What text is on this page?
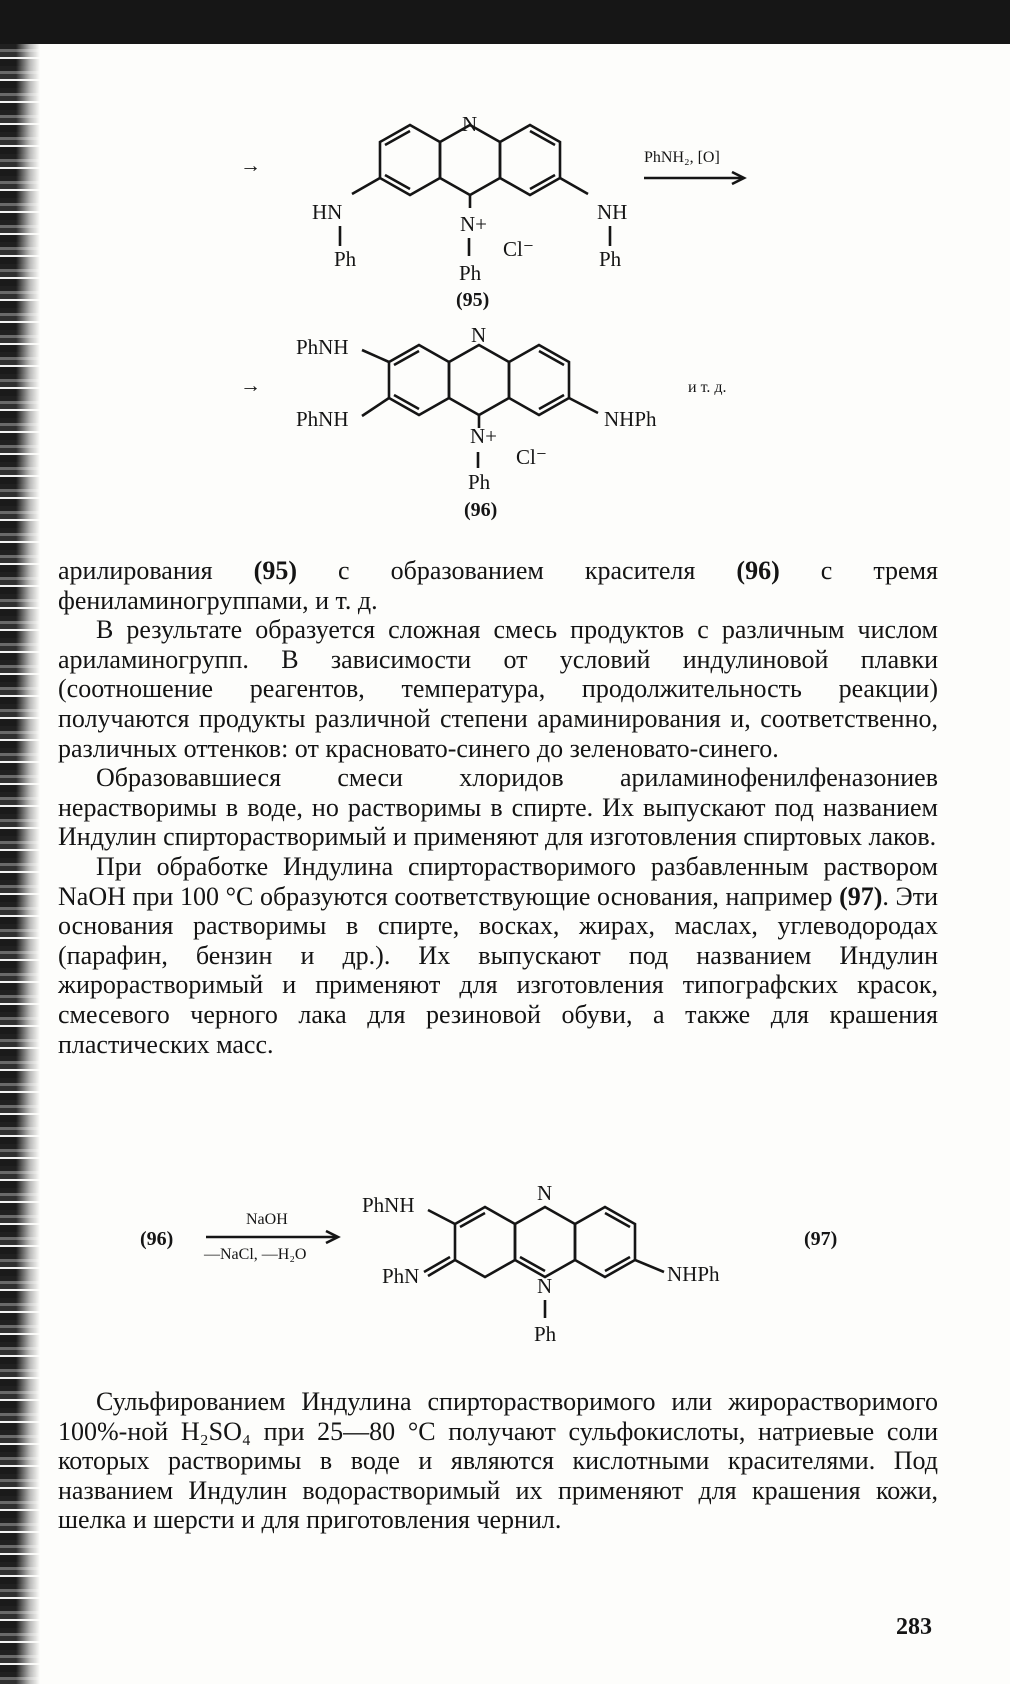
→
N
HN
Ph
N+
Ph
Cl⁻
NH
Ph
(95)
PhNH₂, [O]
→
N
PhNH
PhNH
N+
Ph
Cl⁻
NHPh
и т. д.
(96)

арилирования (95) с образованием красителя (96) с тремя фениламиногруппами, и т. д.

В результате образуется сложная смесь продуктов с различным числом ариламиногрупп. В зависимости от условий индулиновой плавки (соотношение реагентов, температура, продолжительность реакции) получаются продукты различной степени араминирования и, соответственно, различных оттенков: от красновато-синего до зеленовато-синего.

Образовавшиеся смеси хлоридов ариламинофенилфеназониев нерастворимы в воде, но растворимы в спирте. Их выпускают под названием Индулин спирторастворимый и применяют для изготовления спиртовых лаков.

При обработке Индулина спирторастворимого разбавленным раствором NaOH при 100 °С образуются соответствующие основания, например (97). Эти основания растворимы в спирте, восках, жирах, маслах, углеводородах (парафин, бензин и др.). Их выпускают под названием Индулин жирорастворимый и применяют для изготовления типографских красок, смесевого черного лака для резиновой обуви, а также для крашения пластических масс.

(96)
NaOH
—NaCl, —H₂O
N
PhNH
PhN	N
Ph
NHPh
(97)

Сульфированием Индулина спирторастворимого или жирорастворимого 100%-ной H₂SO₄ при 25—80 °С получают сульфокислоты, натриевые соли которых растворимы в воде и являются кислотными красителями. Под названием Индулин водорастворимый их применяют для крашения кожи, шелка и шерсти и для приготовления чернил.

283
